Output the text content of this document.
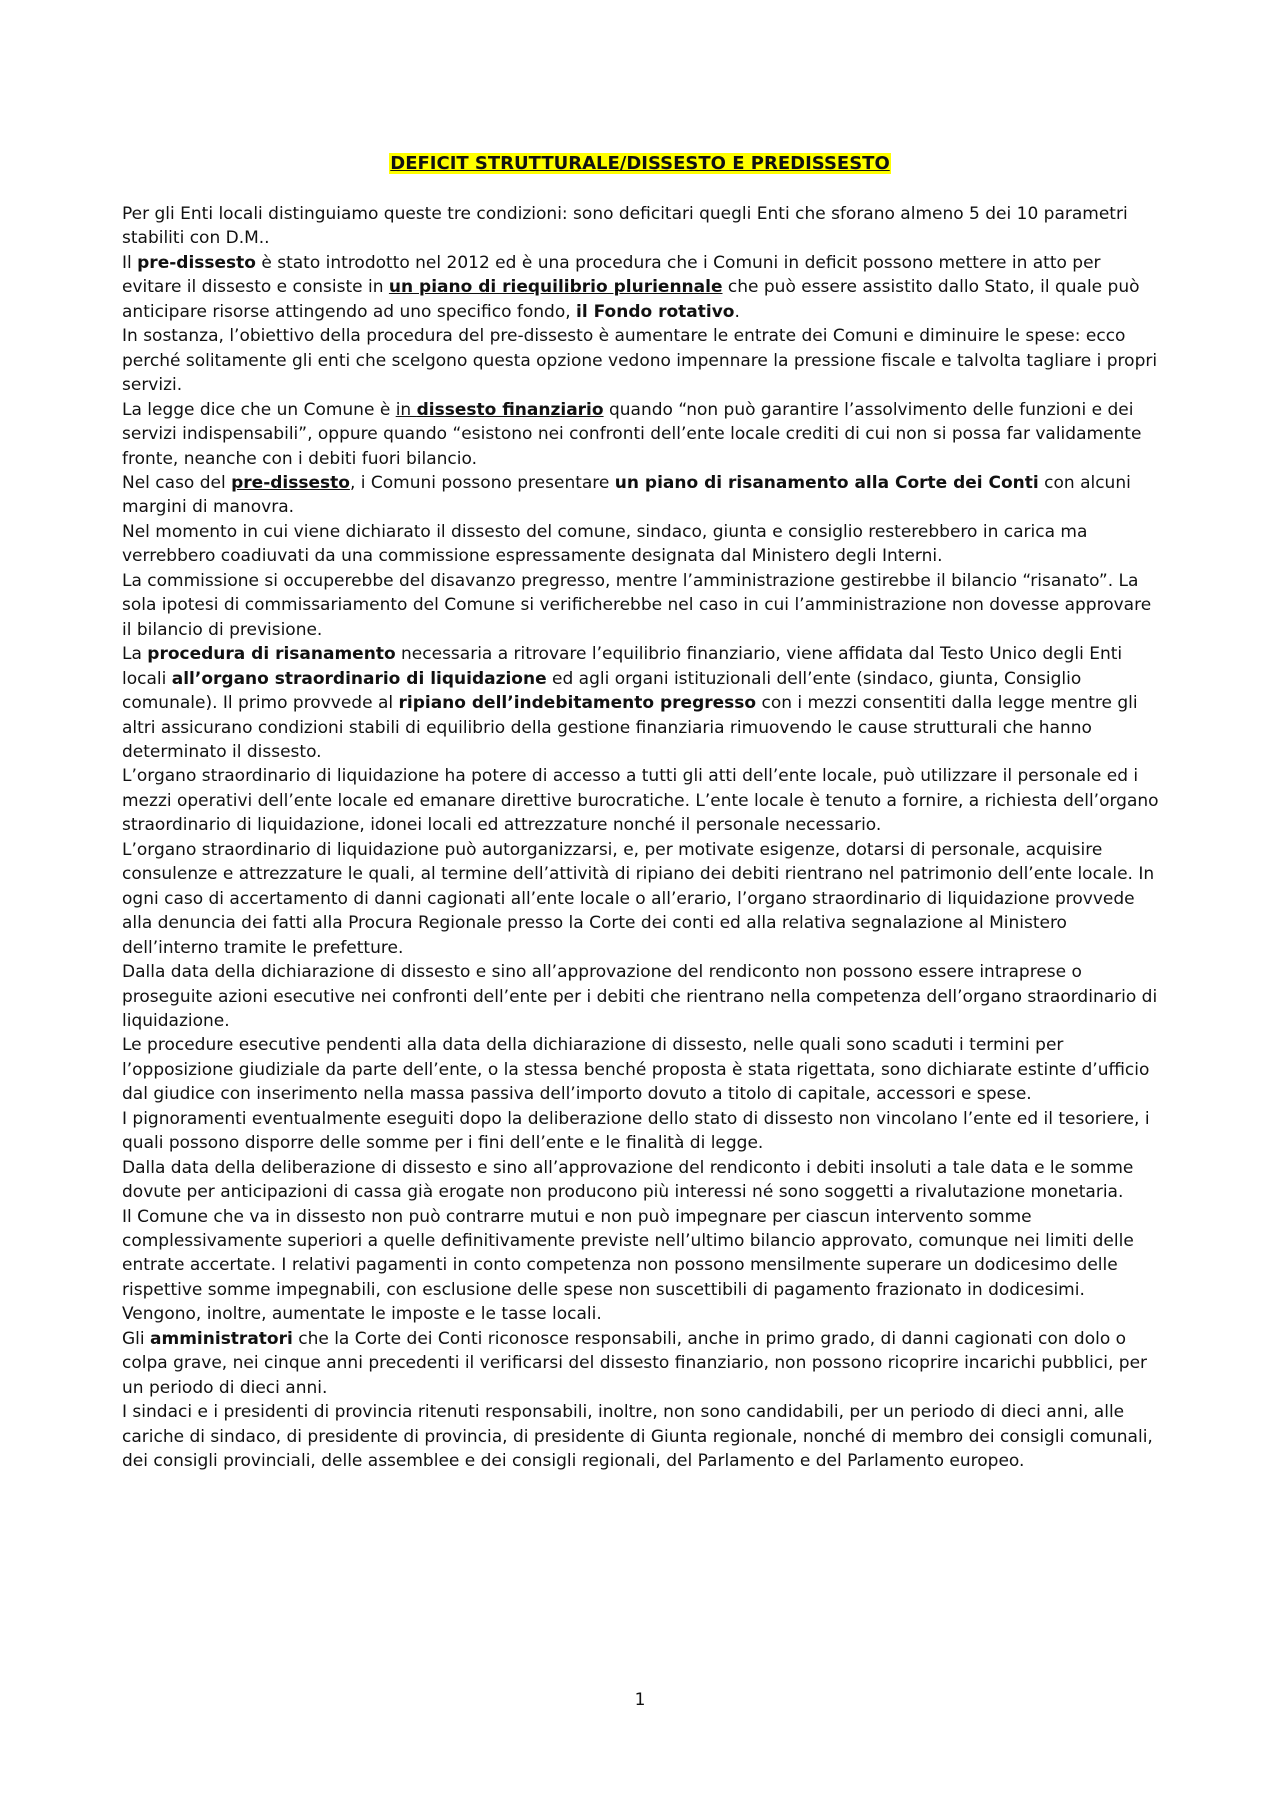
DEFICIT STRUTTURALE/DISSESTO E PREDISSESTO

Per gli Enti locali distinguiamo queste tre condizioni: sono deficitari quegli Enti che sforano almeno 5 dei 10 parametri stabiliti con D.M..

Il pre-dissesto è stato introdotto nel 2012 ed è una procedura che i Comuni in deficit possono mettere in atto per evitare il dissesto e consiste in un piano di riequilibrio pluriennale che può essere assistito dallo Stato, il quale può anticipare risorse attingendo ad uno specifico fondo, il Fondo rotativo.

In sostanza, l’obiettivo della procedura del pre-dissesto è aumentare le entrate dei Comuni e diminuire le spese: ecco perché solitamente gli enti che scelgono questa opzione vedono impennare la pressione fiscale e talvolta tagliare i propri servizi.

La legge dice che un Comune è in dissesto finanziario quando “non può garantire l’assolvimento delle funzioni e dei servizi indispensabili”, oppure quando “esistono nei confronti dell’ente locale crediti di cui non si possa far validamente fronte, neanche con i debiti fuori bilancio.

Nel caso del pre-dissesto, i Comuni possono presentare un piano di risanamento alla Corte dei Conti con alcuni margini di manovra.

Nel momento in cui viene dichiarato il dissesto del comune, sindaco, giunta e consiglio resterebbero in carica ma verrebbero coadiuvati da una commissione espressamente designata dal Ministero degli Interni.

La commissione si occuperebbe del disavanzo pregresso, mentre l’amministrazione gestirebbe il bilancio “risanato”. La sola ipotesi di commissariamento del Comune si verificherebbe nel caso in cui l’amministrazione non dovesse approvare il bilancio di previsione.

La procedura di risanamento necessaria a ritrovare l’equilibrio finanziario, viene affidata dal Testo Unico degli Enti locali all’organo straordinario di liquidazione ed agli organi istituzionali dell’ente (sindaco, giunta, Consiglio comunale). Il primo provvede al ripiano dell’indebitamento pregresso con i mezzi consentiti dalla legge mentre gli altri assicurano condizioni stabili di equilibrio della gestione finanziaria rimuovendo le cause strutturali che hanno determinato il dissesto.

L’organo straordinario di liquidazione ha potere di accesso a tutti gli atti dell’ente locale, può utilizzare il personale ed i mezzi operativi dell’ente locale ed emanare direttive burocratiche. L’ente locale è tenuto a fornire, a richiesta dell’organo straordinario di liquidazione, idonei locali ed attrezzature nonché il personale necessario.

L’organo straordinario di liquidazione può autorganizzarsi, e, per motivate esigenze, dotarsi di personale, acquisire consulenze e attrezzature le quali, al termine dell’attività di ripiano dei debiti rientrano nel patrimonio dell’ente locale. In ogni caso di accertamento di danni cagionati all’ente locale o all’erario, l’organo straordinario di liquidazione provvede alla denuncia dei fatti alla Procura Regionale presso la Corte dei conti ed alla relativa segnalazione al Ministero dell’interno tramite le prefetture.

Dalla data della dichiarazione di dissesto e sino all’approvazione del rendiconto non possono essere intraprese o proseguite azioni esecutive nei confronti dell’ente per i debiti che rientrano nella competenza dell’organo straordinario di liquidazione.

Le procedure esecutive pendenti alla data della dichiarazione di dissesto, nelle quali sono scaduti i termini per l’opposizione giudiziale da parte dell’ente, o la stessa benché proposta è stata rigettata, sono dichiarate estinte d’ufficio dal giudice con inserimento nella massa passiva dell’importo dovuto a titolo di capitale, accessori e spese.

I pignoramenti eventualmente eseguiti dopo la deliberazione dello stato di dissesto non vincolano l’ente ed il tesoriere, i quali possono disporre delle somme per i fini dell’ente e le finalità di legge.

Dalla data della deliberazione di dissesto e sino all’approvazione del rendiconto i debiti insoluti a tale data e le somme dovute per anticipazioni di cassa già erogate non producono più interessi né sono soggetti a rivalutazione monetaria.

Il Comune che va in dissesto non può contrarre mutui e non può impegnare per ciascun intervento somme complessivamente superiori a quelle definitivamente previste nell’ultimo bilancio approvato, comunque nei limiti delle entrate accertate. I relativi pagamenti in conto competenza non possono mensilmente superare un dodicesimo delle rispettive somme impegnabili, con esclusione delle spese non suscettibili di pagamento frazionato in dodicesimi.

Vengono, inoltre, aumentate le imposte e le tasse locali.

Gli amministratori che la Corte dei Conti riconosce responsabili, anche in primo grado, di danni cagionati con dolo o colpa grave, nei cinque anni precedenti il verificarsi del dissesto finanziario, non possono ricoprire incarichi pubblici, per un periodo di dieci anni.

I sindaci e i presidenti di provincia ritenuti responsabili, inoltre, non sono candidabili, per un periodo di dieci anni, alle cariche di sindaco, di presidente di provincia, di presidente di Giunta regionale, nonché di membro dei consigli comunali, dei consigli provinciali, delle assemblee e dei consigli regionali, del Parlamento e del Parlamento europeo.

1
